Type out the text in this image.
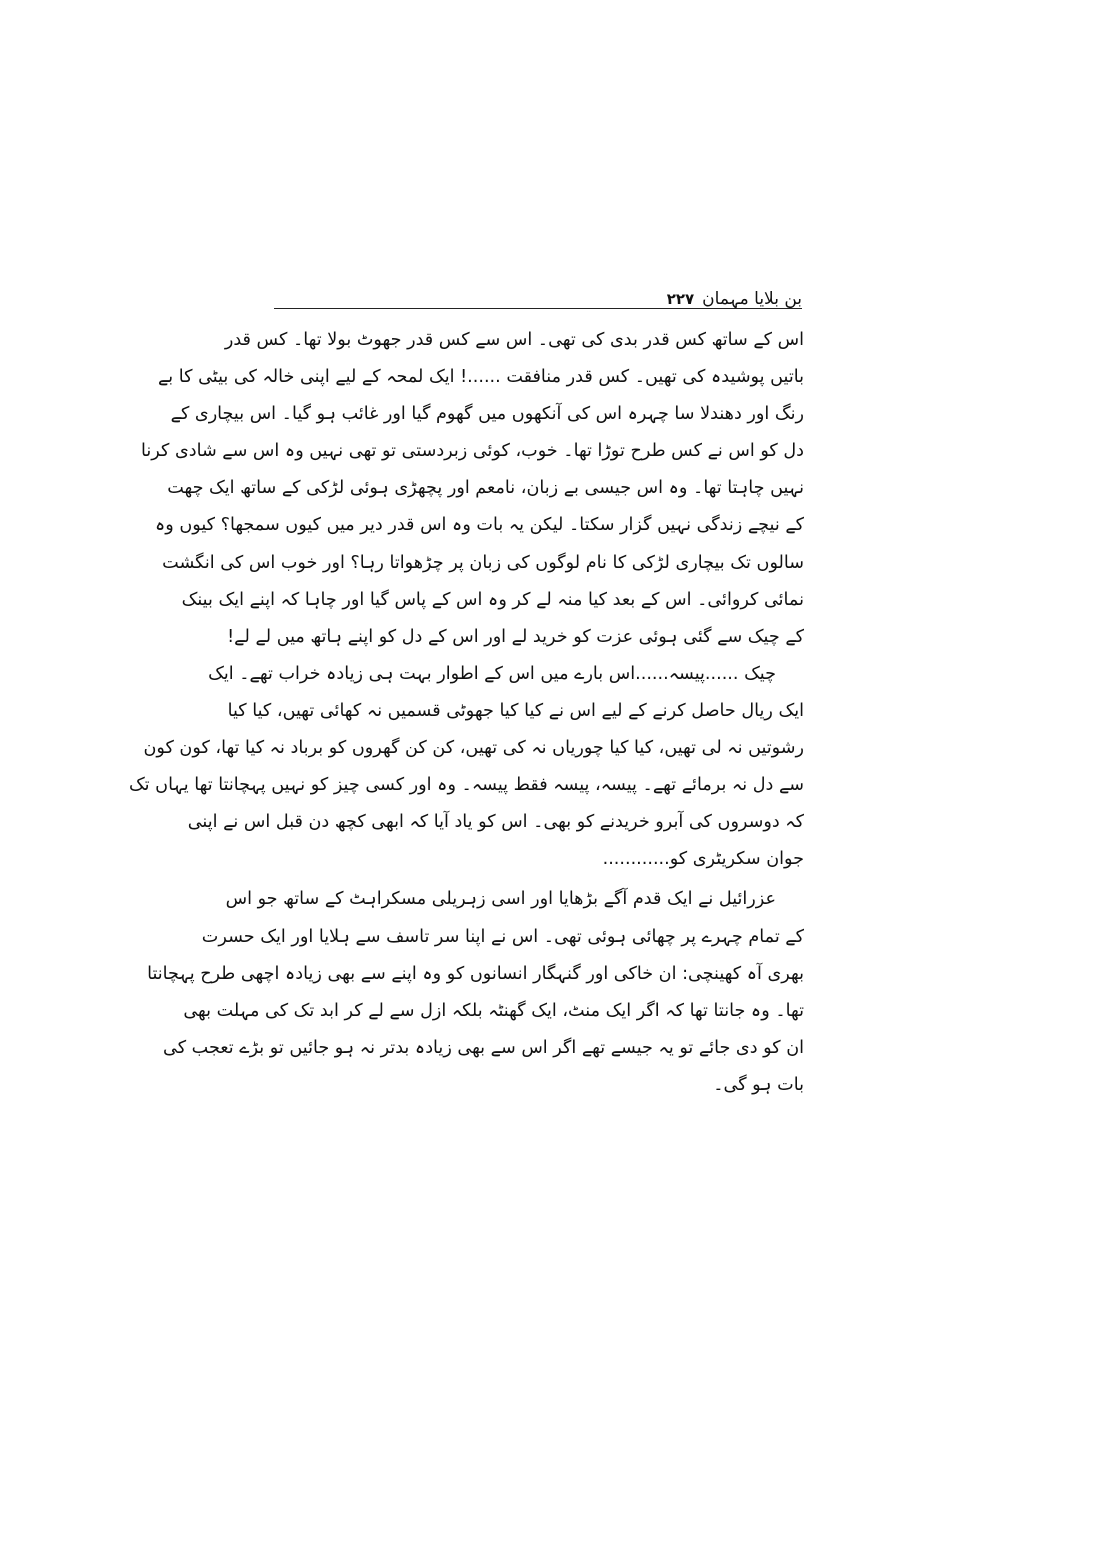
بن بلایا مہمان
۲۲۷
اس کے ساتھ کس قدر بدی کی تھی۔ اس سے کس قدر جھوٹ بولا تھا۔ کس قدر
باتیں پوشیدہ کی تھیں۔ کس قدر منافقت ......! ایک لمحہ کے لیے اپنی خالہ کی بیٹی کا بے
رنگ اور دھندلا سا چہرہ اس کی آنکھوں میں گھوم گیا اور غائب ہو گیا۔ اس بیچاری کے
دل کو اس نے کس طرح توڑا تھا۔ خوب، کوئی زبردستی تو تھی نہیں وہ اس سے شادی کرنا
نہیں چاہتا تھا۔ وہ اس جیسی بے زبان، نامعم اور پچھڑی ہوئی لڑکی کے ساتھ ایک چھت
کے نیچے زندگی نہیں گزار سکتا۔ لیکن یہ بات وہ اس قدر دیر میں کیوں سمجھا؟ کیوں وہ
سالوں تک بیچاری لڑکی کا نام لوگوں کی زبان پر چڑھواتا رہا؟ اور خوب اس کی انگشت
نمائی کروائی۔ اس کے بعد کیا منہ لے کر وہ اس کے پاس گیا اور چاہا کہ اپنے ایک بینک
کے چیک سے گئی ہوئی عزت کو خرید لے اور اس کے دل کو اپنے ہاتھ میں لے لے!
چیک ......پیسہ......اس بارے میں اس کے اطوار بہت ہی زیادہ خراب تھے۔ ایک
ایک ریال حاصل کرنے کے لیے اس نے کیا کیا جھوٹی قسمیں نہ کھائی تھیں، کیا کیا
رشوتیں نہ لی تھیں، کیا کیا چوریاں نہ کی تھیں، کن کن گھروں کو برباد نہ کیا تھا، کون کون
سے دل نہ برمائے تھے۔ پیسہ، پیسہ فقط پیسہ۔ وہ اور کسی چیز کو نہیں پہچانتا تھا یہاں تک
کہ دوسروں کی آبرو خریدنے کو بھی۔ اس کو یاد آیا کہ ابھی کچھ دن قبل اس نے اپنی
جوان سکریٹری کو............
عزرائیل نے ایک قدم آگے بڑھایا اور اسی زہریلی مسکراہٹ کے ساتھ جو اس
کے تمام چہرے پر چھائی ہوئی تھی۔ اس نے اپنا سر تاسف سے ہلایا اور ایک حسرت
بھری آہ کھینچی: ان خاکی اور گنہگار انسانوں کو وہ اپنے سے بھی زیادہ اچھی طرح پہچانتا
تھا۔ وہ جانتا تھا کہ اگر ایک منٹ، ایک گھنٹہ بلکہ ازل سے لے کر ابد تک کی مہلت بھی
ان کو دی جائے تو یہ جیسے تھے اگر اس سے بھی زیادہ بدتر نہ ہو جائیں تو بڑے تعجب کی
بات ہو گی۔
